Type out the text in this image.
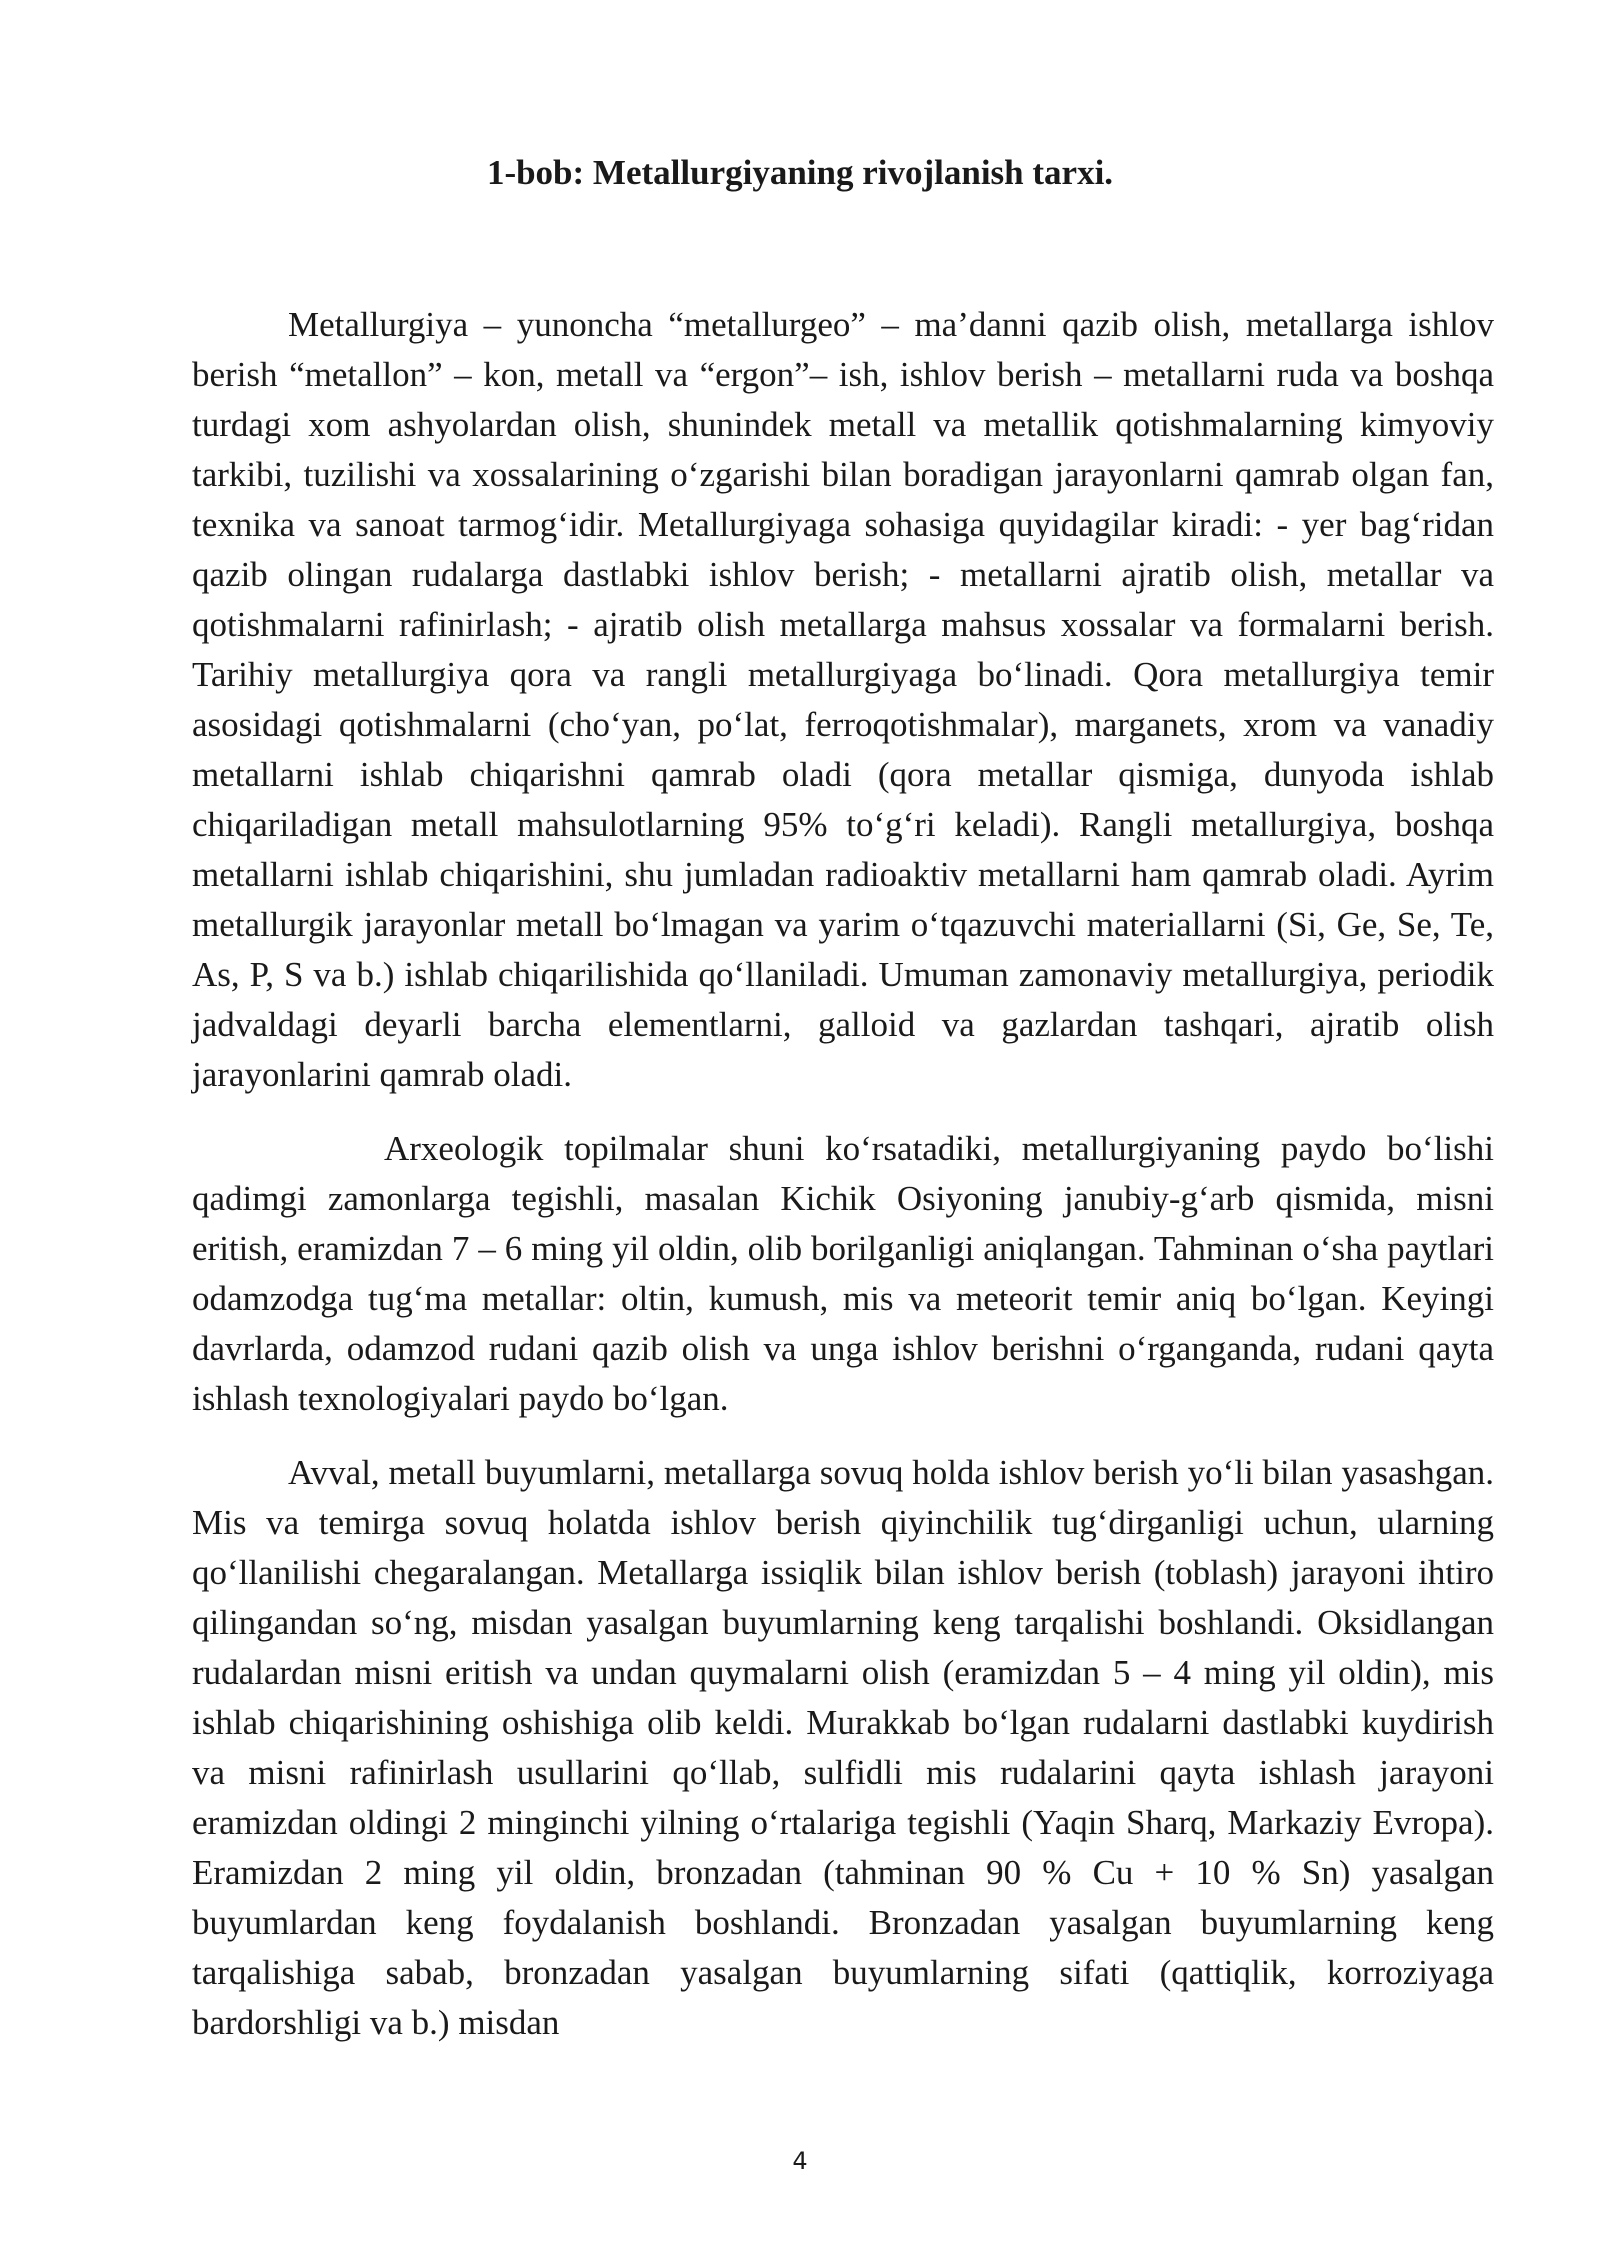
1-bob: Metallurgiyaning rivojlanish tarxi.

Metallurgiya – yunoncha “metallurgeo” – ma’danni qazib olish, metallarga ishlov berish “metallon” – kon, metall va “ergon”– ish, ishlov berish – metallarni ruda va boshqa turdagi xom ashyolardan olish, shunindek metall va metallik qotishmalarning kimyoviy tarkibi, tuzilishi va xossalarining o‘zgarishi bilan boradigan jarayonlarni qamrab olgan fan, texnika va sanoat tarmog‘idir. Metallurgiyaga sohasiga quyidagilar kiradi: - yer bag‘ridan qazib olingan rudalarga dastlabki ishlov berish; - metallarni ajratib olish, metallar va qotishmalarni rafinirlash; - ajratib olish metallarga mahsus xossalar va formalarni berish. Tarihiy metallurgiya qora va rangli metallurgiyaga bo‘linadi. Qora metallurgiya temir asosidagi qotishmalarni (cho‘yan, po‘lat, ferroqotishmalar), marganets, xrom va vanadiy metallarni ishlab chiqarishni qamrab oladi (qora metallar qismiga, dunyoda ishlab chiqariladigan metall mahsulotlarning 95% to‘g‘ri keladi). Rangli metallurgiya, boshqa metallarni ishlab chiqarishini, shu jumladan radioaktiv metallarni ham qamrab oladi. Ayrim metallurgik jarayonlar metall bo‘lmagan va yarim o‘tqazuvchi materiallarni (Si, Ge, Se, Te, As, P, S va b.) ishlab chiqarilishida qo‘llaniladi. Umuman zamonaviy metallurgiya, periodik jadvaldagi deyarli barcha elementlarni, galloid va gazlardan tashqari, ajratib olish jarayonlarini qamrab oladi.

Arxeologik topilmalar shuni ko‘rsatadiki, metallurgiyaning paydo bo‘lishi qadimgi zamonlarga tegishli, masalan Kichik Osiyoning janubiy-g‘arb qismida, misni eritish, eramizdan 7 – 6 ming yil oldin, olib borilganligi aniqlangan. Tahminan o‘sha paytlari odamzodga tug‘ma metallar: oltin, kumush, mis va meteorit temir aniq bo‘lgan. Keyingi davrlarda, odamzod rudani qazib olish va unga ishlov berishni o‘rganganda, rudani qayta ishlash texnologiyalari paydo bo‘lgan.

Avval, metall buyumlarni, metallarga sovuq holda ishlov berish yo‘li bilan yasashgan. Mis va temirga sovuq holatda ishlov berish qiyinchilik tug‘dirganligi uchun, ularning qo‘llanilishi chegaralangan. Metallarga issiqlik bilan ishlov berish (toblash) jarayoni ihtiro qilingandan so‘ng, misdan yasalgan buyumlarning keng tarqalishi boshlandi. Oksidlangan rudalardan misni eritish va undan quymalarni olish (eramizdan 5 – 4 ming yil oldin), mis ishlab chiqarishining oshishiga olib keldi. Murakkab bo‘lgan rudalarni dastlabki kuydirish va misni rafinirlash usullarini qo‘llab, sulfidli mis rudalarini qayta ishlash jarayoni eramizdan oldingi 2 minginchi yilning o‘rtalariga tegishli (Yaqin Sharq, Markaziy Evropa). Eramizdan 2 ming yil oldin, bronzadan (tahminan 90 % Cu + 10 % Sn) yasalgan buyumlardan keng foydalanish boshlandi. Bronzadan yasalgan buyumlarning keng tarqalishiga sabab, bronzadan yasalgan buyumlarning sifati (qattiqlik, korroziyaga bardorshligi va b.) misdan

4
